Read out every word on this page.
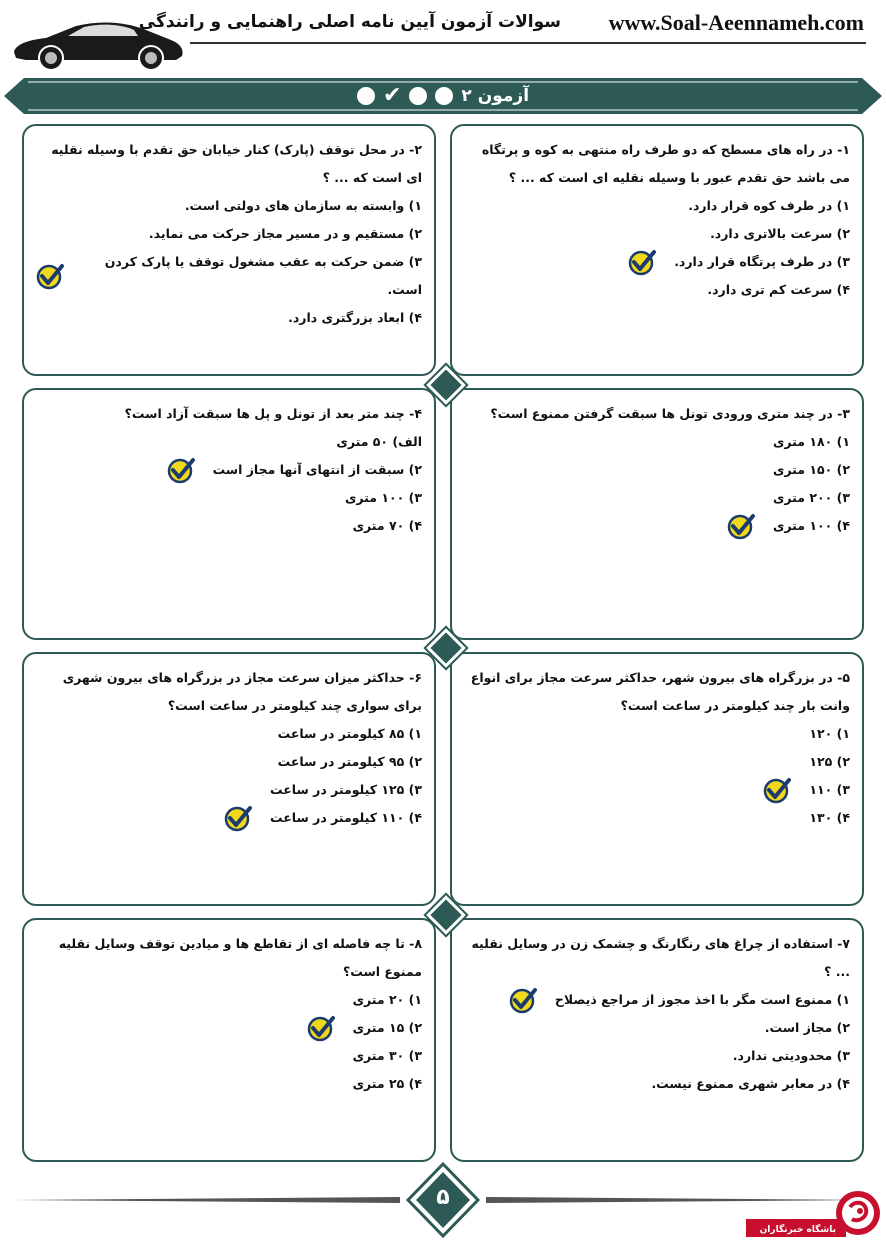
www.Soal-Aeennameh.com
سوالات آزمون آیین نامه اصلی راهنمایی و رانندگی
آزمون ۲
✔

۱- در راه های مسطح که دو طرف راه منتهی به کوه و پرتگاه می باشد حق تقدم عبور با وسیله نقلیه ای است که ... ؟

۱) در طرف کوه قرار دارد.

۲) سرعت بالاتری دارد.

۳) در طرف پرتگاه قرار دارد.

۴) سرعت کم تری دارد.

۲- در محل توقف (پارک) کنار خیابان حق تقدم با وسیله نقلیه ای است که ... ؟

۱) وابسته به سازمان های دولتی است.

۲) مستقیم و در مسیر مجاز حرکت می نماید.

۳) ضمن حرکت به عقب مشغول توقف یا پارک کردن است.

۴) ابعاد بزرگتری دارد.

۳- در چند متری ورودی تونل ها سبقت گرفتن ممنوع است؟

۱) ۱۸۰ متری

۲) ۱۵۰ متری

۳) ۲۰۰ متری

۴) ۱۰۰ متری

۴- چند متر بعد از تونل و پل ها سبقت آزاد است؟

الف) ۵۰ متری

۲) سبقت از انتهای آنها مجاز است

۳) ۱۰۰ متری

۴) ۷۰ متری

۵- در بزرگراه های بیرون شهر، حداکثر سرعت مجاز برای انواع وانت بار چند کیلومتر در ساعت است؟

۱) ۱۲۰

۲) ۱۲۵

۳) ۱۱۰

۴) ۱۳۰

۶- حداکثر میزان سرعت مجاز در بزرگراه های بیرون شهری برای سواری چند کیلومتر در ساعت است؟

۱) ۸۵ کیلومتر در ساعت

۲) ۹۵ کیلومتر در ساعت

۳) ۱۲۵ کیلومتر در ساعت

۴) ۱۱۰ کیلومتر در ساعت

۷- استفاده از چراغ های رنگارنگ و چشمک زن در وسایل نقلیه ... ؟

۱) ممنوع است مگر با اخذ مجوز از مراجع ذیصلاح

۲) مجاز است.

۳) محدودیتی ندارد.

۴) در معابر شهری ممنوع نیست.

۸- تا چه فاصله ای از تقاطع ها و میادین توقف وسایل نقلیه ممنوع است؟

۱) ۲۰ متری

۲) ۱۵ متری

۳) ۳۰ متری

۴) ۲۵ متری

۵
باشگاه خبرنگاران
